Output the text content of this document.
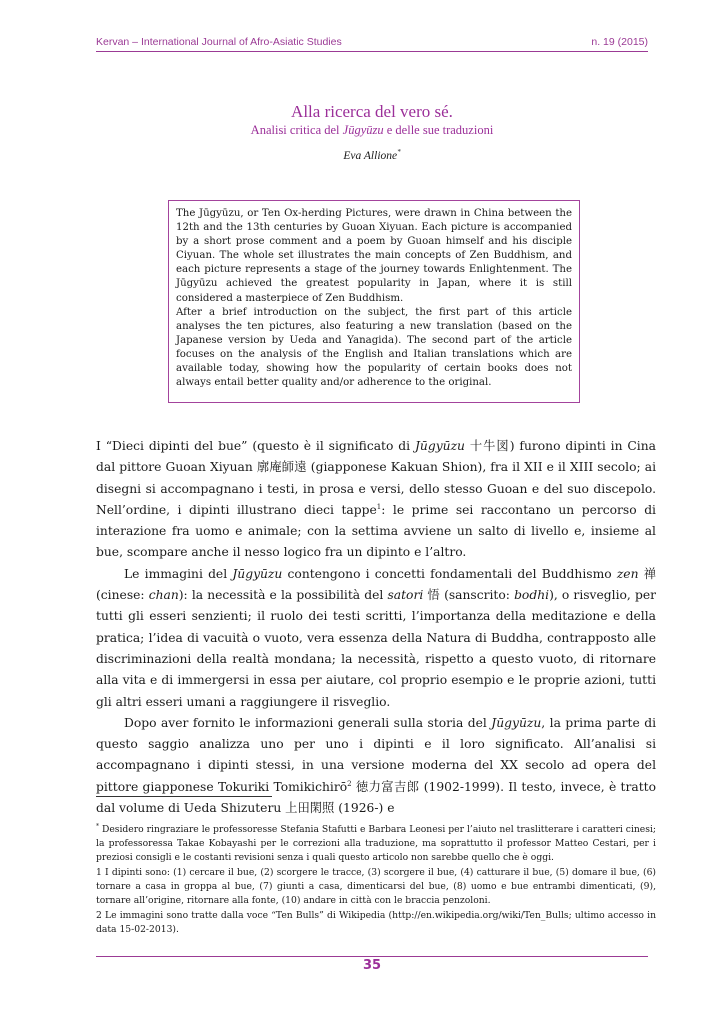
Kervan – International Journal of Afro-Asiatic Studies	n. 19 (2015)
Alla ricerca del vero sé.
Analisi critica del Jūgyūzu e delle sue traduzioni
Eva Allione*

The Jūgyūzu, or Ten Ox-herding Pictures, were drawn in China between the 12th and the 13th centuries by Guoan Xiyuan. Each picture is accompanied by a short prose comment and a poem by Guoan himself and his disciple Ciyuan. The whole set illustrates the main concepts of Zen Buddhism, and each picture represents a stage of the journey towards Enlightenment. The Jūgyūzu achieved the greatest popularity in Japan, where it is still considered a masterpiece of Zen Buddhism.

After a brief introduction on the subject, the first part of this article analyses the ten pictures, also featuring a new translation (based on the Japanese version by Ueda and Yanagida). The second part of the article focuses on the analysis of the English and Italian translations which are available today, showing how the popularity of certain books does not always entail better quality and/or adherence to the original.

I “Dieci dipinti del bue” (questo è il significato di Jūgyūzu 十牛図) furono dipinti in Cina dal pittore Guoan Xiyuan 廓庵師遠 (giapponese Kakuan Shion), fra il XII e il XIII secolo; ai disegni si accompagnano i testi, in prosa e versi, dello stesso Guoan e del suo discepolo. Nell’ordine, i dipinti illustrano dieci tappe$^1$: le prime sei raccontano un percorso di interazione fra uomo e animale; con la settima avviene un salto di livello e, insieme al bue, scompare anche il nesso logico fra un dipinto e l’altro.

Le immagini del Jūgyūzu contengono i concetti fondamentali del Buddhismo zen 禅 (cinese: chan): la necessità e la possibilità del satori 悟 (sanscrito: bodhi), o risveglio, per tutti gli esseri senzienti; il ruolo dei testi scritti, l’importanza della meditazione e della pratica; l’idea di vacuità o vuoto, vera essenza della Natura di Buddha, contrapposto alle discriminazioni della realtà mondana; la necessità, rispetto a questo vuoto, di ritornare alla vita e di immergersi in essa per aiutare, col proprio esempio e le proprie azioni, tutti gli altri esseri umani a raggiungere il risveglio.

Dopo aver fornito le informazioni generali sulla storia del Jūgyūzu, la prima parte di questo saggio analizza uno per uno i dipinti e il loro significato. All’analisi si accompagnano i dipinti stessi, in una versione moderna del XX secolo ad opera del pittore giapponese Tokuriki Tomikichirō$^2$ 徳力富吉郎 (1902-1999). Il testo, invece, è tratto dal volume di Ueda Shizuteru 上田閑照 (1926-) e

* Desidero ringraziare le professoresse Stefania Stafutti e Barbara Leonesi per l’aiuto nel traslitterare i caratteri cinesi; la professoressa Takae Kobayashi per le correzioni alla traduzione, ma soprattutto il professor Matteo Cestari, per i preziosi consigli e le costanti revisioni senza i quali questo articolo non sarebbe quello che è oggi.

1 I dipinti sono: (1) cercare il bue, (2) scorgere le tracce, (3) scorgere il bue, (4) catturare il bue, (5) domare il bue, (6) tornare a casa in groppa al bue, (7) giunti a casa, dimenticarsi del bue, (8) uomo e bue entrambi dimenticati, (9), tornare all’origine, ritornare alla fonte, (10) andare in città con le braccia penzoloni.

2 Le immagini sono tratte dalla voce “Ten Bulls” di Wikipedia (http://en.wikipedia.org/wiki/Ten_Bulls; ultimo accesso in data 15-02-2013).

35
